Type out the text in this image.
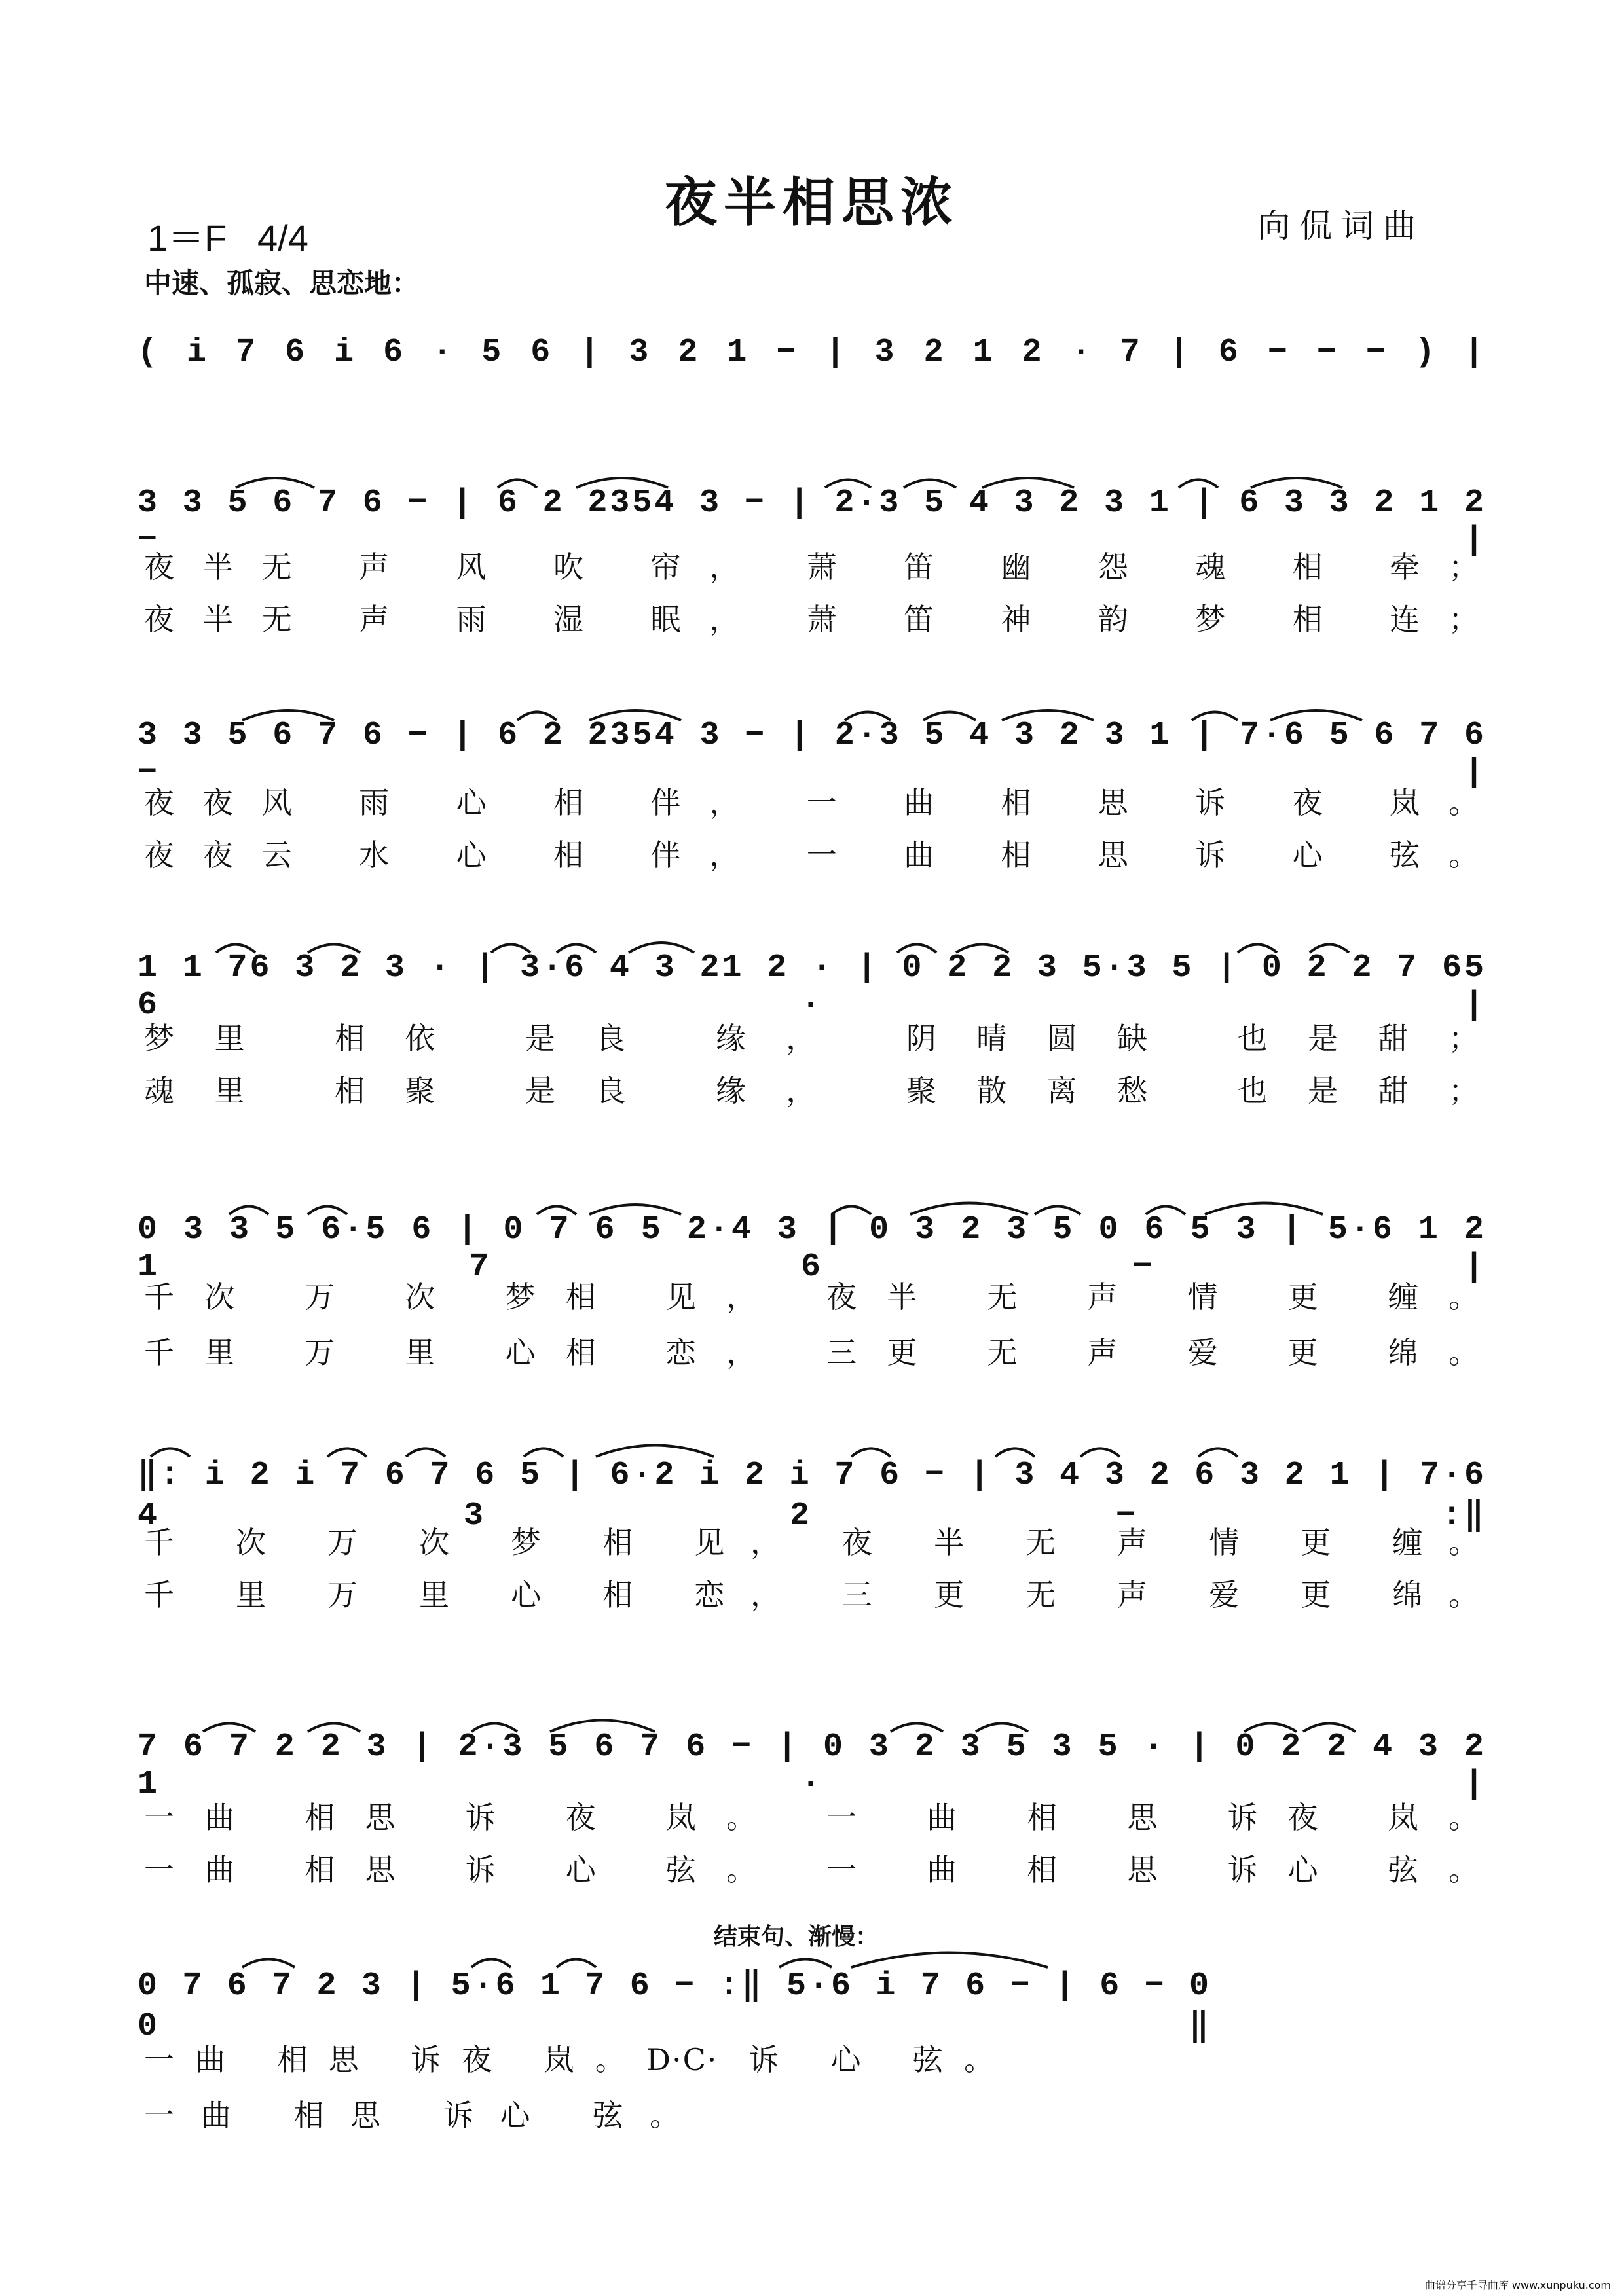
夜半相思浓
1＝F   4/4	向侃词曲
中速、孤寂、思恋地：
( i 7 6 i 6 · 5 6 | 3 2 1 − | 3 2 1 2 · 7 | 6 − − − ) |
3 3 5 6 7 6 − | 6 2 2354 3 − | 2·3 5 4 3 2 3 1 | 6 3 3 2 1 2 − |
夜半无 声 风 吹 帘， 萧 笛 幽 怨 魂 相 牵；
夜半无 声 雨 湿 眠， 萧 笛 神 韵 梦 相 连；
3 3 5 6 7 6 − | 6 2 2354 3 − | 2·3 5 4 3 2 3 1 | 7·6 5 6 7 6 − |
夜夜风 雨 心 相 伴， 一 曲 相 思 诉 夜 岚。
夜夜云 水 心 相 伴， 一 曲 相 思 诉 心 弦。
1 1 76 3 2 3 · | 3·6 4 3 21 2 · | 0 2 2 3 5·3 5 | 0 2 2 7 65 6 · |
梦里 相依 是良 缘， 阴晴圆缺 也是甜；
魂里 相聚 是良 缘， 聚散离愁 也是甜；
0 3 3 5 6·5 6 | 0 7 6 5 2·4 3 | 0 3 2 3 5 0 6 5 3 | 5·6 1 2 1 7 6 − |
千次 万 次 梦相 见， 夜半 无 声 情 更 缠。
千里 万 里 心相 恋， 三更 无 声 爱 更 绵。
‖: i 2 i 7 6 7 6 5 | 6·2 i 2 i 7 6 − | 3 4 3 2 6 3 2 1 | 7·6 4 3 2 − :‖
千 次 万 次 梦 相 见， 夜 半 无 声 情 更 缠。
千 里 万 里 心 相 恋， 三 更 无 声 爱 更 绵。
7 6 7 2 2 3 | 2·3 5 6 7 6 − | 0 3 2 3 5 3 5 · | 0 2 2 4 3 2 1 · |
一曲 相思 诉 夜 岚。 一 曲 相 思 诉夜 岚。
一曲 相思 诉 心 弦。 一 曲 相 思 诉心 弦。
结束句、渐慢：
0 7 6 7 2 3 | 5·6 1 7 6 − :‖ 5·6 i 7 6 − | 6 − 0 0 ‖
一曲 相思 诉夜 岚。D·C· 诉 心 弦。
一曲 相思 诉心 弦。
曲谱分享千寻曲库 www.xunpuku.com
